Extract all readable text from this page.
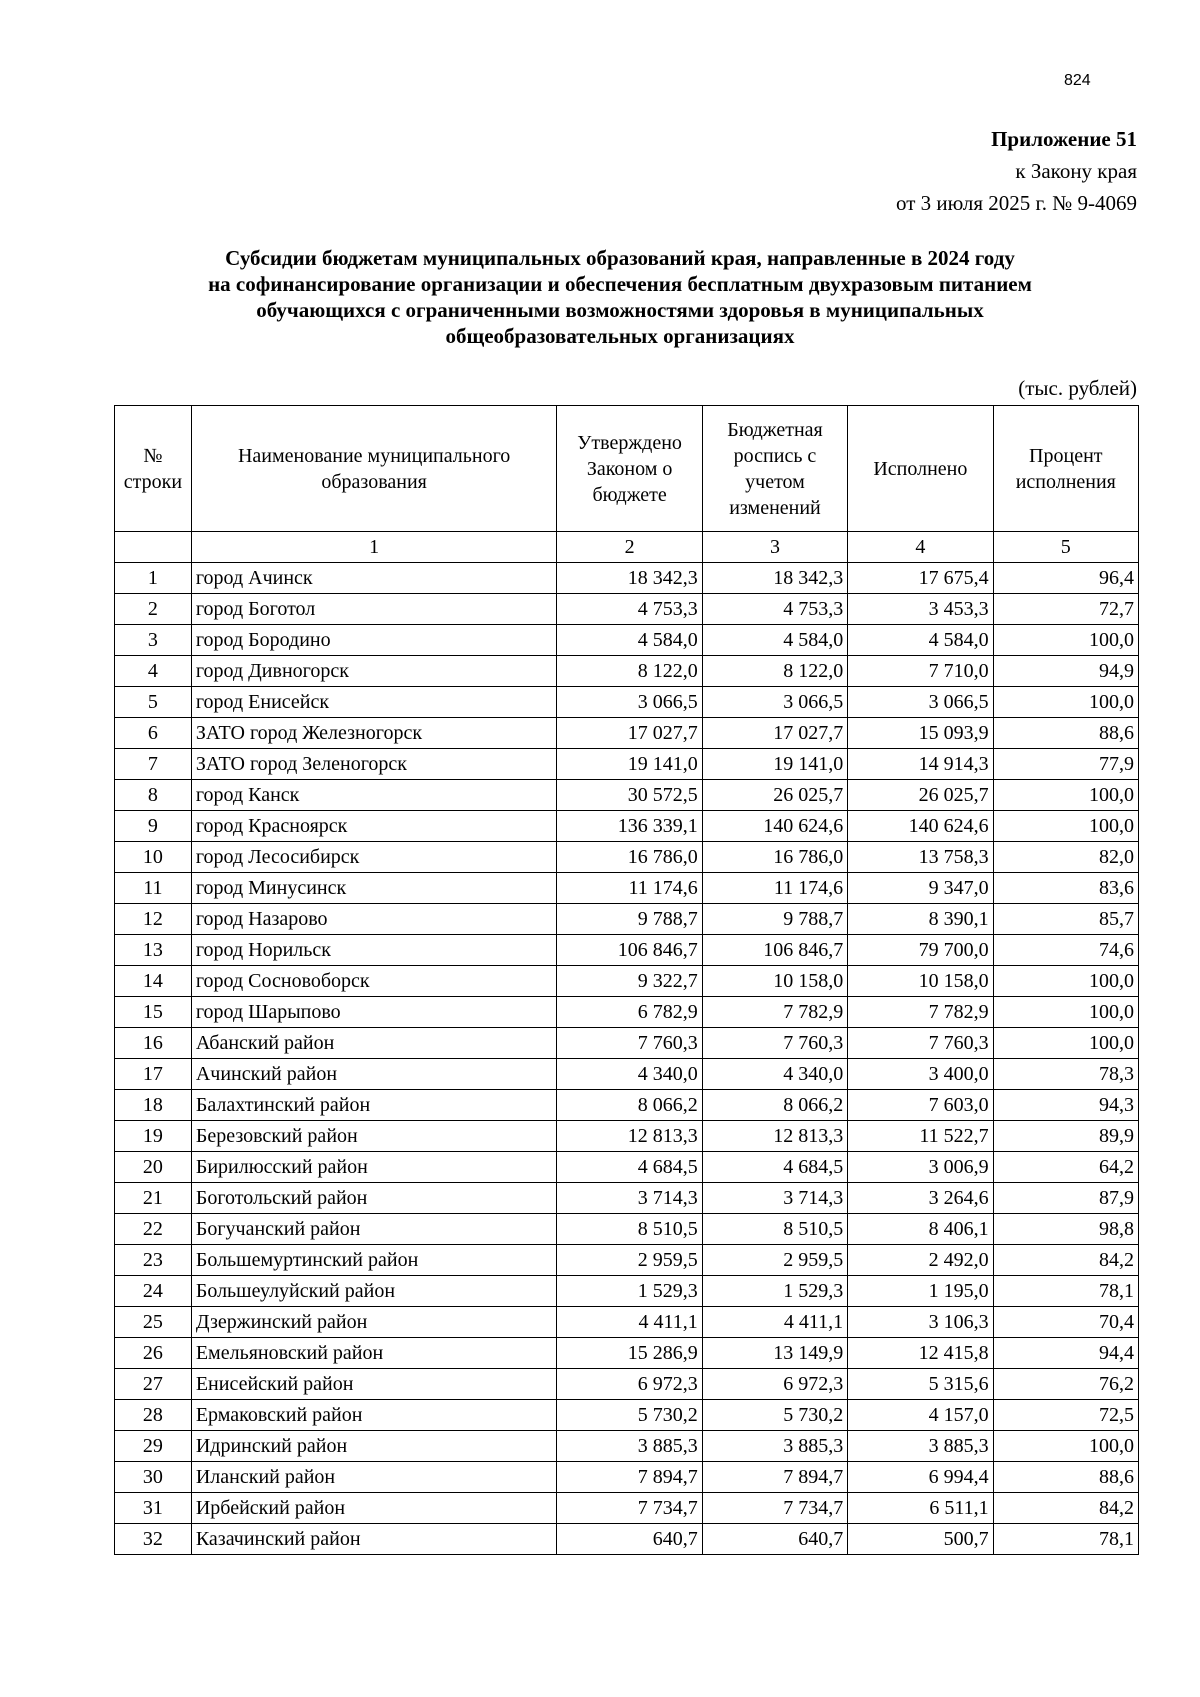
824
Приложение 51
к Закону края
от 3 июля 2025 г. № 9-4069
Субсидии бюджетам муниципальных образований края, направленные в 2024 году
на софинансирование организации и обеспечения бесплатным двухразовым питанием
обучающихся с ограниченными возможностями здоровья в муниципальных
общеобразовательных организациях
(тыс. рублей)
№ строки	Наименование муниципального образования	Утверждено Законом о бюджете	Бюджетная роспись с учетом изменений	Исполнено	Процент исполнения
	1	2	3	4	5
1	город Ачинск	18 342,3	18 342,3	17 675,4	96,4
2	город Боготол	4 753,3	4 753,3	3 453,3	72,7
3	город Бородино	4 584,0	4 584,0	4 584,0	100,0
4	город Дивногорск	8 122,0	8 122,0	7 710,0	94,9
5	город Енисейск	3 066,5	3 066,5	3 066,5	100,0
6	ЗАТО город Железногорск	17 027,7	17 027,7	15 093,9	88,6
7	ЗАТО город Зеленогорск	19 141,0	19 141,0	14 914,3	77,9
8	город Канск	30 572,5	26 025,7	26 025,7	100,0
9	город Красноярск	136 339,1	140 624,6	140 624,6	100,0
10	город Лесосибирск	16 786,0	16 786,0	13 758,3	82,0
11	город Минусинск	11 174,6	11 174,6	9 347,0	83,6
12	город Назарово	9 788,7	9 788,7	8 390,1	85,7
13	город Норильск	106 846,7	106 846,7	79 700,0	74,6
14	город Сосновоборск	9 322,7	10 158,0	10 158,0	100,0
15	город Шарыпово	6 782,9	7 782,9	7 782,9	100,0
16	Абанский район	7 760,3	7 760,3	7 760,3	100,0
17	Ачинский район	4 340,0	4 340,0	3 400,0	78,3
18	Балахтинский район	8 066,2	8 066,2	7 603,0	94,3
19	Березовский район	12 813,3	12 813,3	11 522,7	89,9
20	Бирилюсский район	4 684,5	4 684,5	3 006,9	64,2
21	Боготольский район	3 714,3	3 714,3	3 264,6	87,9
22	Богучанский район	8 510,5	8 510,5	8 406,1	98,8
23	Большемуртинский район	2 959,5	2 959,5	2 492,0	84,2
24	Большеулуйский район	1 529,3	1 529,3	1 195,0	78,1
25	Дзержинский район	4 411,1	4 411,1	3 106,3	70,4
26	Емельяновский район	15 286,9	13 149,9	12 415,8	94,4
27	Енисейский район	6 972,3	6 972,3	5 315,6	76,2
28	Ермаковский район	5 730,2	5 730,2	4 157,0	72,5
29	Идринский район	3 885,3	3 885,3	3 885,3	100,0
30	Иланский район	7 894,7	7 894,7	6 994,4	88,6
31	Ирбейский район	7 734,7	7 734,7	6 511,1	84,2
32	Казачинский район	640,7	640,7	500,7	78,1
